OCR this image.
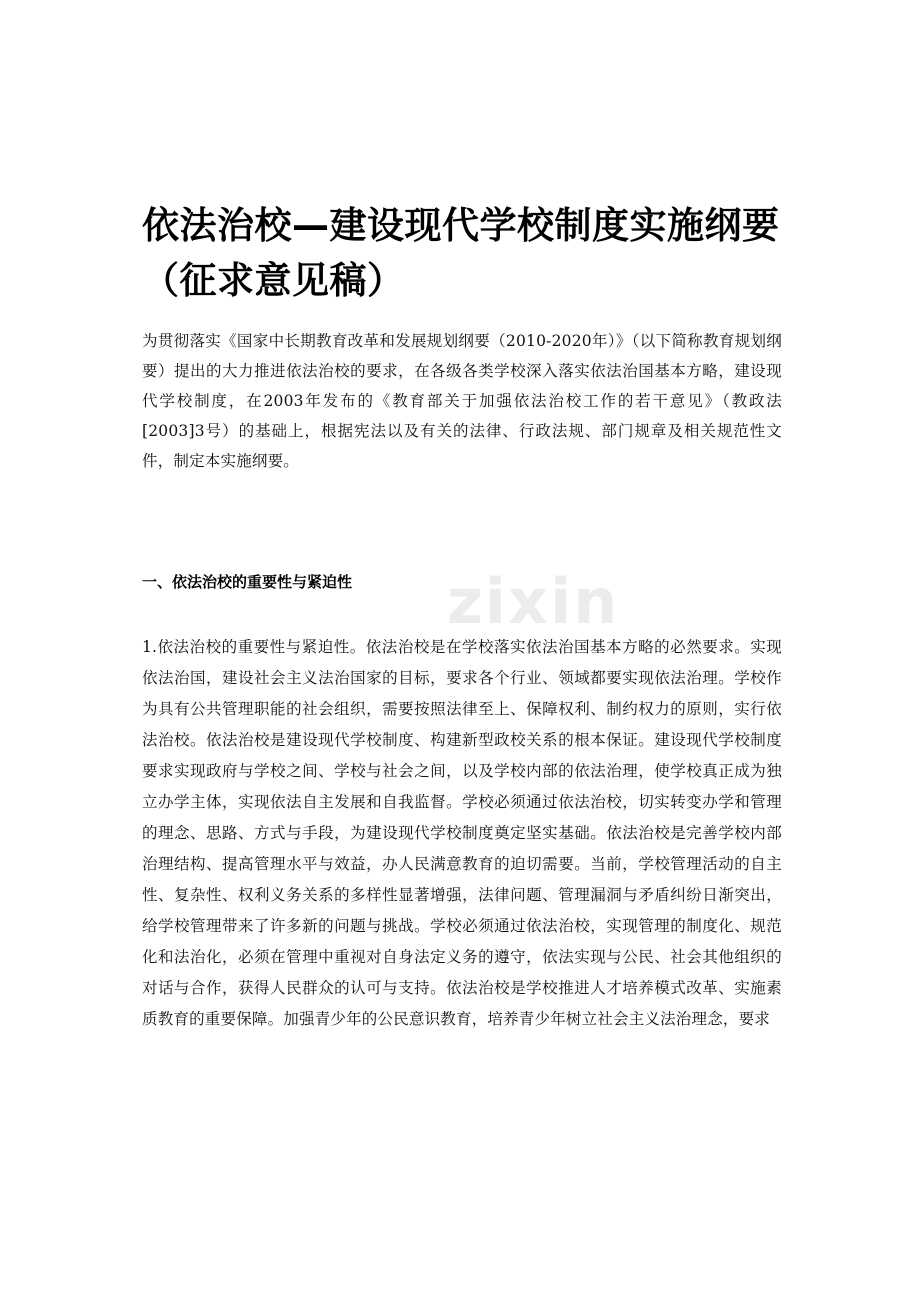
依法治校—建设现代学校制度实施纲要（征求意见稿）

为贯彻落实《国家中长期教育改革和发展规划纲要（2010-2020年）》（以下简称教育规划纲要）提出的大力推进依法治校的要求，在各级各类学校深入落实依法治国基本方略，建设现代学校制度，在2003年发布的《教育部关于加强依法治校工作的若干意见》（教政法[2003]3号）的基础上，根据宪法以及有关的法律、行政法规、部门规章及相关规范性文件，制定本实施纲要。

一、依法治校的重要性与紧迫性

1.依法治校的重要性与紧迫性。依法治校是在学校落实依法治国基本方略的必然要求。实现依法治国，建设社会主义法治国家的目标，要求各个行业、领域都要实现依法治理。学校作为具有公共管理职能的社会组织，需要按照法律至上、保障权利、制约权力的原则，实行依法治校。依法治校是建设现代学校制度、构建新型政校关系的根本保证。建设现代学校制度要求实现政府与学校之间、学校与社会之间，以及学校内部的依法治理，使学校真正成为独立办学主体，实现依法自主发展和自我监督。学校必须通过依法治校，切实转变办学和管理的理念、思路、方式与手段，为建设现代学校制度奠定坚实基础。依法治校是完善学校内部治理结构、提高管理水平与效益，办人民满意教育的迫切需要。当前，学校管理活动的自主性、复杂性、权利义务关系的多样性显著增强，法律问题、管理漏洞与矛盾纠纷日渐突出，给学校管理带来了许多新的问题与挑战。学校必须通过依法治校，实现管理的制度化、规范化和法治化，必须在管理中重视对自身法定义务的遵守，依法实现与公民、社会其他组织的对话与合作，获得人民群众的认可与支持。依法治校是学校推进人才培养模式改革、实施素质教育的重要保障。加强青少年的公民意识教育，培养青少年树立社会主义法治理念，要求

zixin
